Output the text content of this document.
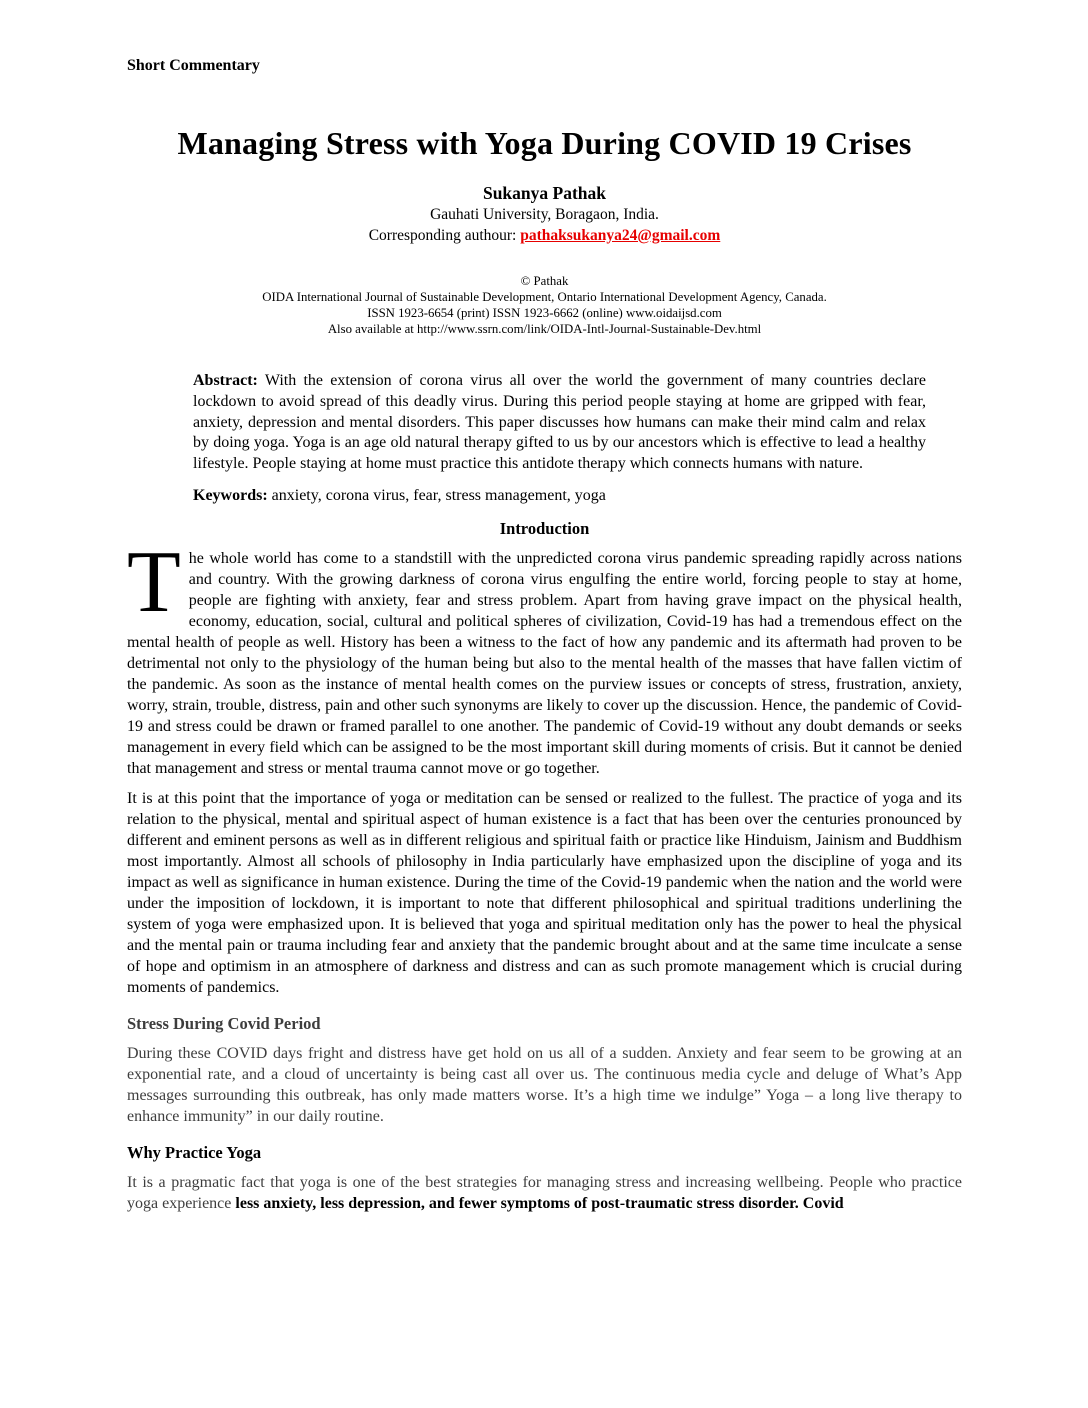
Short Commentary
Managing Stress with Yoga During COVID 19 Crises
Sukanya Pathak
Gauhati University, Boragaon, India.
Corresponding authour: pathaksukanya24@gmail.com
© Pathak
OIDA International Journal of Sustainable Development, Ontario International Development Agency, Canada.
ISSN 1923-6654 (print) ISSN 1923-6662 (online) www.oidaijsd.com
Also available at http://www.ssrn.com/link/OIDA-Intl-Journal-Sustainable-Dev.html

Abstract: With the extension of corona virus all over the world the government of many countries declare lockdown to avoid spread of this deadly virus. During this period people staying at home are gripped with fear, anxiety, depression and mental disorders. This paper discusses how humans can make their mind calm and relax by doing yoga. Yoga is an age old natural therapy gifted to us by our ancestors which is effective to lead a healthy lifestyle. People staying at home must practice this antidote therapy which connects humans with nature.

Keywords: anxiety, corona virus, fear, stress management, yoga

Introduction

The whole world has come to a standstill with the unpredicted corona virus pandemic spreading rapidly across nations and country. With the growing darkness of corona virus engulfing the entire world, forcing people to stay at home, people are fighting with anxiety, fear and stress problem. Apart from having grave impact on the physical health, economy, education, social, cultural and political spheres of civilization, Covid-19 has had a tremendous effect on the mental health of people as well. History has been a witness to the fact of how any pandemic and its aftermath had proven to be detrimental not only to the physiology of the human being but also to the mental health of the masses that have fallen victim of the pandemic. As soon as the instance of mental health comes on the purview issues or concepts of stress, frustration, anxiety, worry, strain, trouble, distress, pain and other such synonyms are likely to cover up the discussion. Hence, the pandemic of Covid-19 and stress could be drawn or framed parallel to one another. The pandemic of Covid-19 without any doubt demands or seeks management in every field which can be assigned to be the most important skill during moments of crisis. But it cannot be denied that management and stress or mental trauma cannot move or go together.

It is at this point that the importance of yoga or meditation can be sensed or realized to the fullest. The practice of yoga and its relation to the physical, mental and spiritual aspect of human existence is a fact that has been over the centuries pronounced by different and eminent persons as well as in different religious and spiritual faith or practice like Hinduism, Jainism and Buddhism most importantly. Almost all schools of philosophy in India particularly have emphasized upon the discipline of yoga and its impact as well as significance in human existence. During the time of the Covid-19 pandemic when the nation and the world were under the imposition of lockdown, it is important to note that different philosophical and spiritual traditions underlining the system of yoga were emphasized upon. It is believed that yoga and spiritual meditation only has the power to heal the physical and the mental pain or trauma including fear and anxiety that the pandemic brought about and at the same time inculcate a sense of hope and optimism in an atmosphere of darkness and distress and can as such promote management which is crucial during moments of pandemics.

Stress During Covid Period

During these COVID days fright and distress have get hold on us all of a sudden. Anxiety and fear seem to be growing at an exponential rate, and a cloud of uncertainty is being cast all over us. The continuous media cycle and deluge of What’s App messages surrounding this outbreak, has only made matters worse. It’s a high time we indulge” Yoga – a long live therapy to enhance immunity” in our daily routine.

Why Practice Yoga

It is a pragmatic fact that yoga is one of the best strategies for managing stress and increasing wellbeing. People who practice yoga experience less anxiety, less depression, and fewer symptoms of post-traumatic stress disorder. Covid
